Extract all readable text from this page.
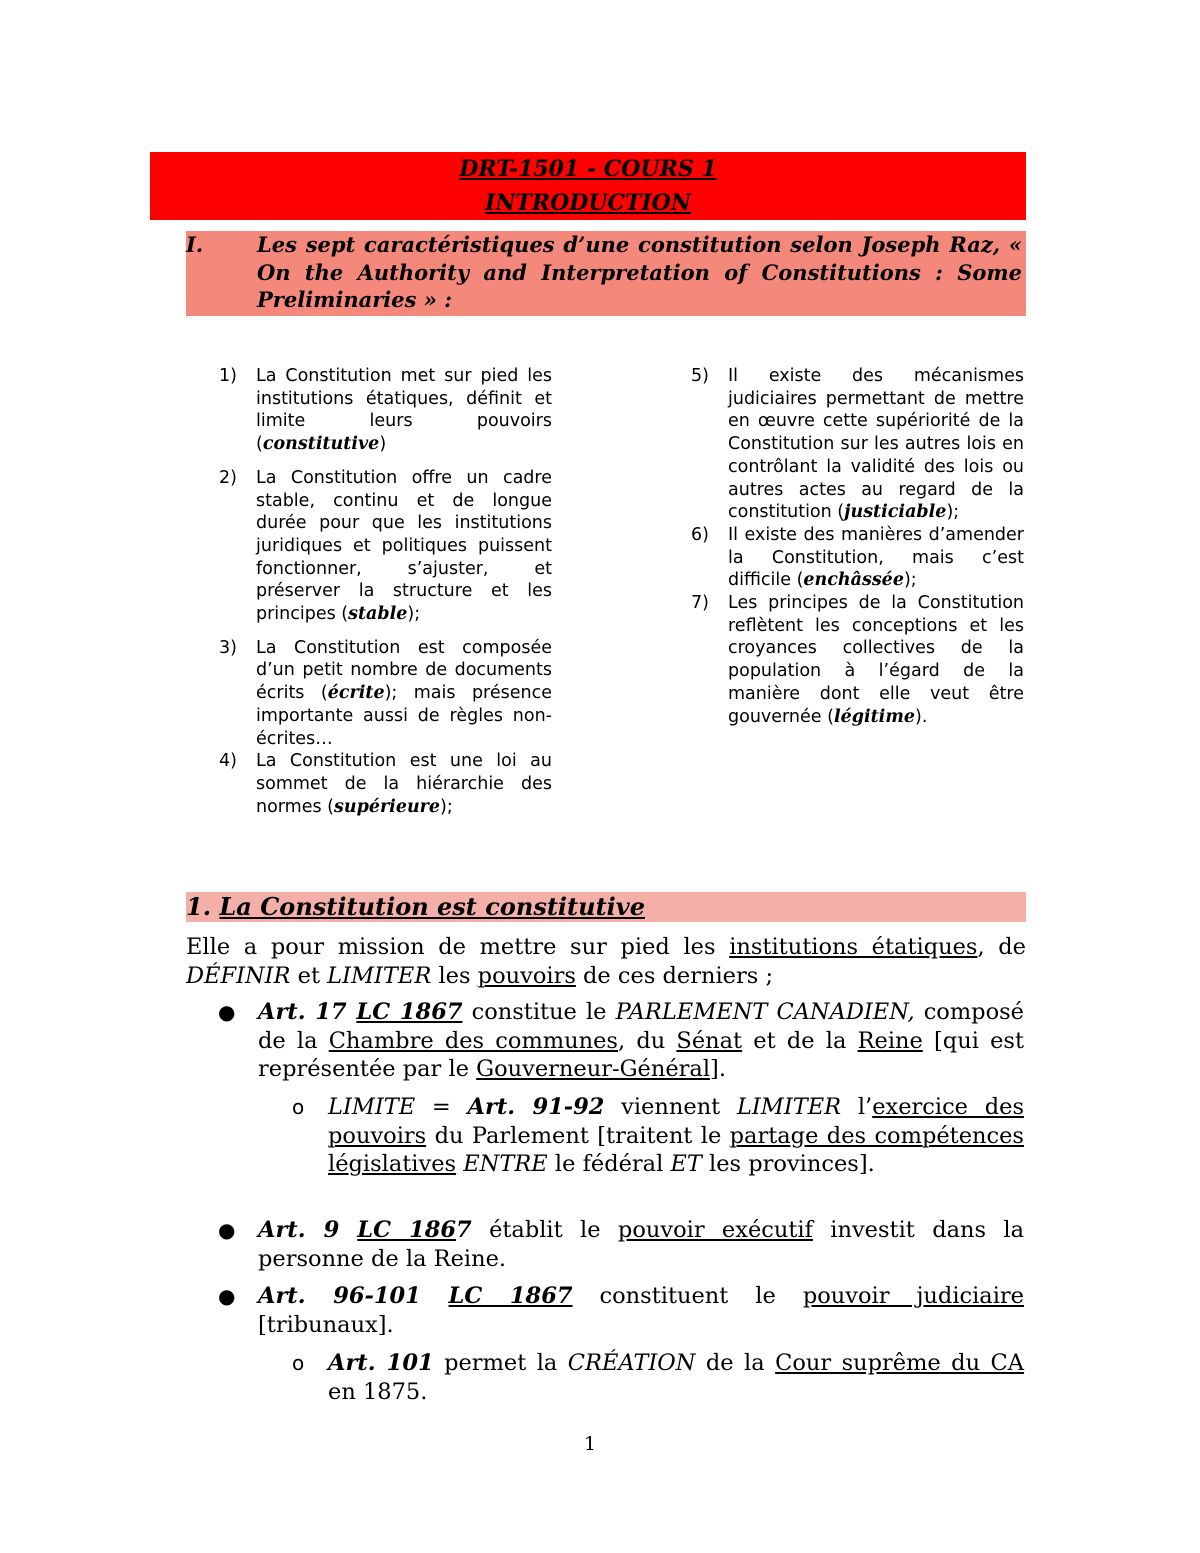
DRT-1501 - COURS 1
INTRODUCTION
I.	Les sept caractéristiques d’une constitution selon Joseph Raz, « On the Authority and Interpretation of Constitutions : Some Preliminaries » :
1) La Constitution met sur pied les institutions étatiques, définit et limite leurs pouvoirs (constitutive)
2) La Constitution offre un cadre stable, continu et de longue durée pour que les institutions juridiques et politiques puissent fonctionner, s’ajuster, et préserver la structure et les principes (stable);
3) La Constitution est composée d’un petit nombre de documents écrits (écrite); mais présence importante aussi de règles non-écrites…
4) La Constitution est une loi au sommet de la hiérarchie des normes (supérieure);
5) Il existe des mécanismes judiciaires permettant de mettre en œuvre cette supériorité de la Constitution sur les autres lois en contrôlant la validité des lois ou autres actes au regard de la constitution (justiciable);
6) Il existe des manières d’amender la Constitution, mais c’est difficile (enchâssée);
7) Les principes de la Constitution reflètent les conceptions et les croyances collectives de la population à l’égard de la manière dont elle veut être gouvernée (légitime).
1. La Constitution est constitutive
Elle a pour mission de mettre sur pied les institutions étatiques, de DÉFINIR et LIMITER les pouvoirs de ces derniers ;
● Art. 17 LC 1867 constitue le PARLEMENT CANADIEN, composé de la Chambre des communes, du Sénat et de la Reine [qui est représentée par le Gouverneur-Général].
o LIMITE = Art. 91-92 viennent LIMITER l’exercice des pouvoirs du Parlement [traitent le partage des compétences législatives ENTRE le fédéral ET les provinces].
● Art. 9 LC 1867 établit le pouvoir exécutif investit dans la personne de la Reine.
● Art. 96-101 LC 1867 constituent le pouvoir judiciaire [tribunaux].
o Art. 101 permet la CRÉATION de la Cour suprême du CA en 1875.
1
